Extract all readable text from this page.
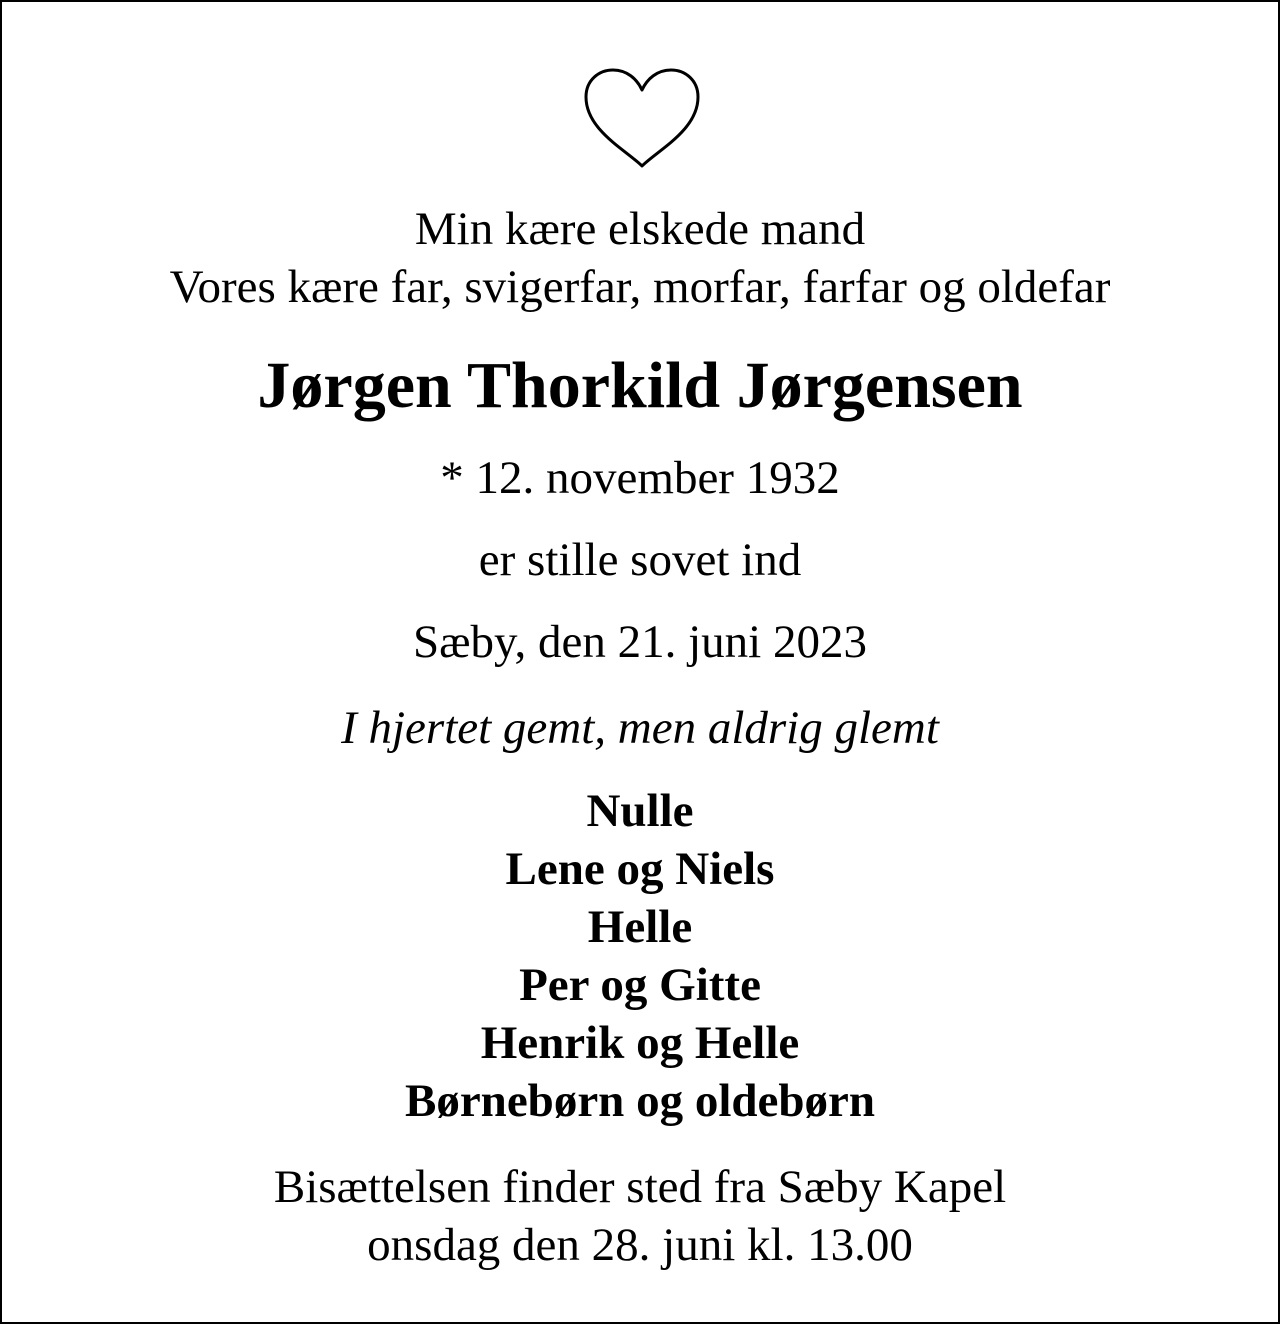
Min kære elskede mand
Vores kære far, svigerfar, morfar, farfar og oldefar
Jørgen Thorkild Jørgensen
* 12. november 1932
er stille sovet ind
Sæby, den 21. juni 2023
I hjertet gemt, men aldrig glemt
Nulle
Lene og Niels
Helle
Per og Gitte
Henrik og Helle
Børnebørn og oldebørn
Bisættelsen finder sted fra Sæby Kapel
onsdag den 28. juni kl. 13.00
